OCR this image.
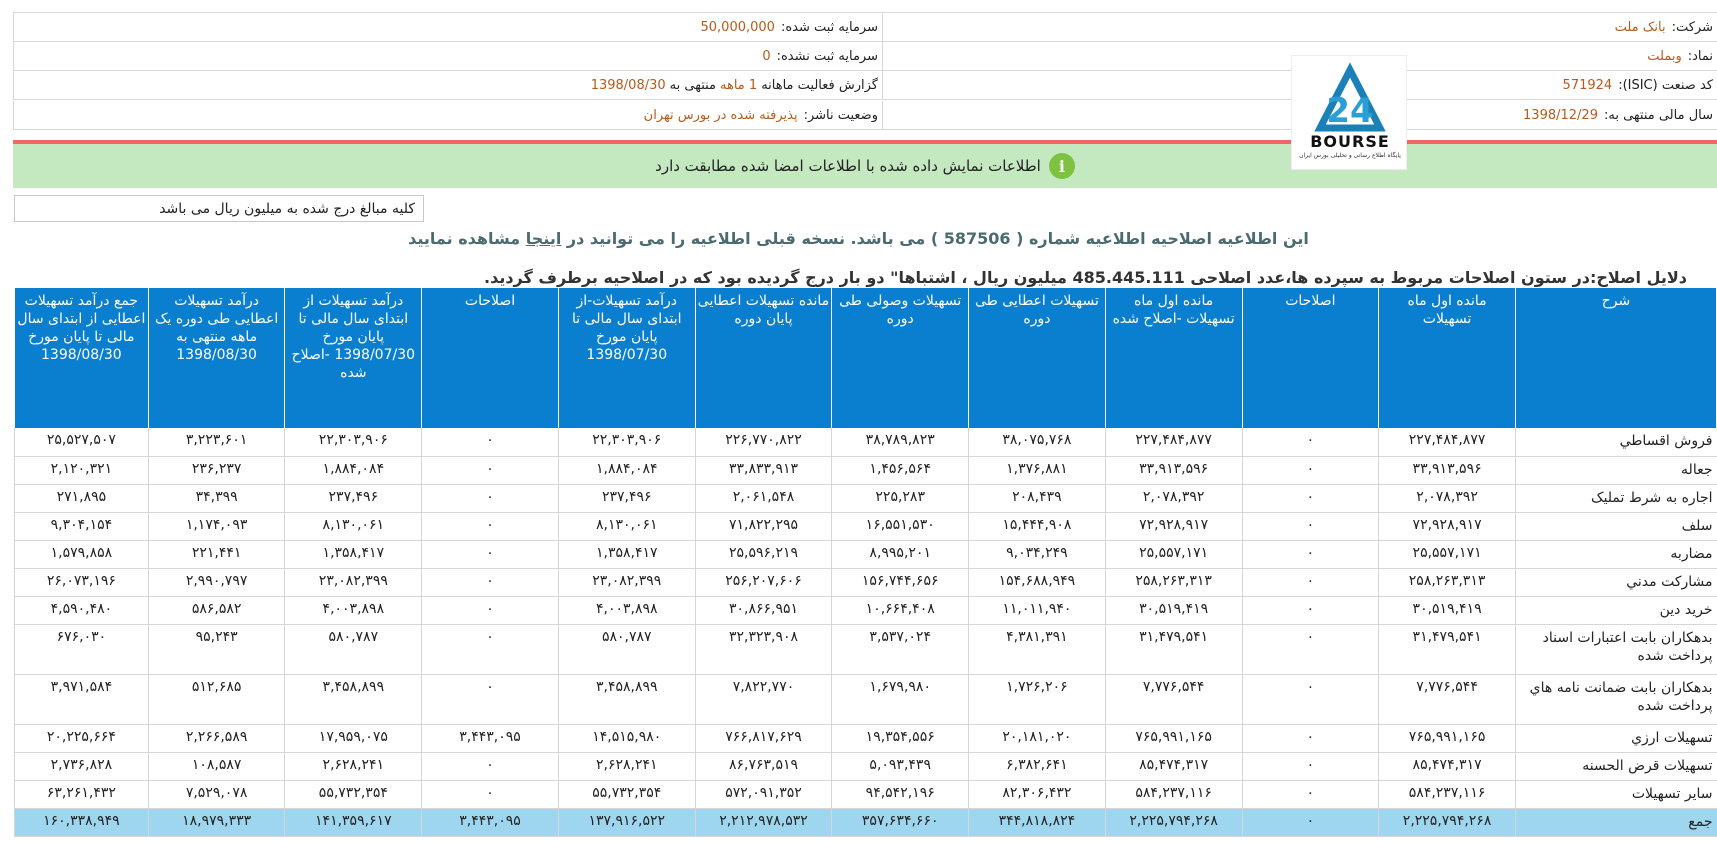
شرکت:
بانک ملت
سرمایه ثبت شده:
50,000,000
نماد:
وبملت
سرمایه ثبت نشده:
0
کد صنعت (ISIC):
571924
گزارش فعالیت ماهانه
1 ماهه
منتهی به
1398/08/30
سال مالی منتهی به:
1398/12/29
وضعیت ناشر:
پذیرفته شده در بورس تهران	24
BOURSE
پایگاه اطلاع رسانی و تحلیلی بورس ایران
i
اطلاعات نمایش داده شده با اطلاعات امضا شده مطابقت دارد
کلیه مبالغ درج شده به میلیون ریال می باشد
این اطلاعیه اصلاحیه اطلاعیه شماره ( 587506 ) می باشد. نسخه قبلی اطلاعیه را می توانید در اینجا مشاهده نمایید
دلایل اصلاح:در ستون اصلاحات مربوط به سپرده ها،عدد اصلاحی 485.445.111 میلیون ریال ، اشتباها" دو بار درج گردیده بود که در اصلاحیه برطرف گردید.
شرح	مانده اول ماه تسهیلات	اصلاحات	مانده اول ماه تسهیلات -اصلاح شده	تسهیلات اعطایی طی دوره	تسهیلات وصولی طی دوره	مانده تسهیلات اعطایی پایان دوره	درآمد تسهیلات-از ابتدای سال مالی تا پایان مورخ 1398/07/30	اصلاحات	درآمد تسهیلات از ابتدای سال مالی تا پایان مورخ 1398/07/30 -اصلاح شده	درآمد تسهیلات اعطایی طی دوره یک ماهه منتهی به 1398/08/30	جمع درآمد تسهیلات اعطایی از ابتدای سال مالی تا پایان مورخ 1398/08/30
فروش اقساطي	۲۲۷,۴۸۴,۸۷۷	۰	۲۲۷,۴۸۴,۸۷۷	۳۸,۰۷۵,۷۶۸	۳۸,۷۸۹,۸۲۳	۲۲۶,۷۷۰,۸۲۲	۲۲,۳۰۳,۹۰۶	۰	۲۲,۳۰۳,۹۰۶	۳,۲۲۳,۶۰۱	۲۵,۵۲۷,۵۰۷
جعاله	۳۳,۹۱۳,۵۹۶	۰	۳۳,۹۱۳,۵۹۶	۱,۳۷۶,۸۸۱	۱,۴۵۶,۵۶۴	۳۳,۸۳۳,۹۱۳	۱,۸۸۴,۰۸۴	۰	۱,۸۸۴,۰۸۴	۲۳۶,۲۳۷	۲,۱۲۰,۳۲۱
اجاره به شرط تمليک	۲,۰۷۸,۳۹۲	۰	۲,۰۷۸,۳۹۲	۲۰۸,۴۳۹	۲۲۵,۲۸۳	۲,۰۶۱,۵۴۸	۲۳۷,۴۹۶	۰	۲۳۷,۴۹۶	۳۴,۳۹۹	۲۷۱,۸۹۵
سلف	۷۲,۹۲۸,۹۱۷	۰	۷۲,۹۲۸,۹۱۷	۱۵,۴۴۴,۹۰۸	۱۶,۵۵۱,۵۳۰	۷۱,۸۲۲,۲۹۵	۸,۱۳۰,۰۶۱	۰	۸,۱۳۰,۰۶۱	۱,۱۷۴,۰۹۳	۹,۳۰۴,۱۵۴
مضاربه	۲۵,۵۵۷,۱۷۱	۰	۲۵,۵۵۷,۱۷۱	۹,۰۳۴,۲۴۹	۸,۹۹۵,۲۰۱	۲۵,۵۹۶,۲۱۹	۱,۳۵۸,۴۱۷	۰	۱,۳۵۸,۴۱۷	۲۲۱,۴۴۱	۱,۵۷۹,۸۵۸
مشارکت مدني	۲۵۸,۲۶۳,۳۱۳	۰	۲۵۸,۲۶۳,۳۱۳	۱۵۴,۶۸۸,۹۴۹	۱۵۶,۷۴۴,۶۵۶	۲۵۶,۲۰۷,۶۰۶	۲۳,۰۸۲,۳۹۹	۰	۲۳,۰۸۲,۳۹۹	۲,۹۹۰,۷۹۷	۲۶,۰۷۳,۱۹۶
خريد دين	۳۰,۵۱۹,۴۱۹	۰	۳۰,۵۱۹,۴۱۹	۱۱,۰۱۱,۹۴۰	۱۰,۶۶۴,۴۰۸	۳۰,۸۶۶,۹۵۱	۴,۰۰۳,۸۹۸	۰	۴,۰۰۳,۸۹۸	۵۸۶,۵۸۲	۴,۵۹۰,۴۸۰
بدهکاران بابت اعتبارات اسناد پرداخت شده	۳۱,۴۷۹,۵۴۱	۰	۳۱,۴۷۹,۵۴۱	۴,۳۸۱,۳۹۱	۳,۵۳۷,۰۲۴	۳۲,۳۲۳,۹۰۸	۵۸۰,۷۸۷	۰	۵۸۰,۷۸۷	۹۵,۲۴۳	۶۷۶,۰۳۰
بدهکاران بابت ضمانت نامه هاي پرداخت شده	۷,۷۷۶,۵۴۴	۰	۷,۷۷۶,۵۴۴	۱,۷۲۶,۲۰۶	۱,۶۷۹,۹۸۰	۷,۸۲۲,۷۷۰	۳,۴۵۸,۸۹۹	۰	۳,۴۵۸,۸۹۹	۵۱۲,۶۸۵	۳,۹۷۱,۵۸۴
تسهيلات ارزي	۷۶۵,۹۹۱,۱۶۵	۰	۷۶۵,۹۹۱,۱۶۵	۲۰,۱۸۱,۰۲۰	۱۹,۳۵۴,۵۵۶	۷۶۶,۸۱۷,۶۲۹	۱۴,۵۱۵,۹۸۰	۳,۴۴۳,۰۹۵	۱۷,۹۵۹,۰۷۵	۲,۲۶۶,۵۸۹	۲۰,۲۲۵,۶۶۴
تسهيلات قرض الحسنه	۸۵,۴۷۴,۳۱۷	۰	۸۵,۴۷۴,۳۱۷	۶,۳۸۲,۶۴۱	۵,۰۹۳,۴۳۹	۸۶,۷۶۳,۵۱۹	۲,۶۲۸,۲۴۱	۰	۲,۶۲۸,۲۴۱	۱۰۸,۵۸۷	۲,۷۳۶,۸۲۸
ساير تسهيلات	۵۸۴,۲۳۷,۱۱۶	۰	۵۸۴,۲۳۷,۱۱۶	۸۲,۳۰۶,۴۳۲	۹۴,۵۴۲,۱۹۶	۵۷۲,۰۹۱,۳۵۲	۵۵,۷۳۲,۳۵۴	۰	۵۵,۷۳۲,۳۵۴	۷,۵۲۹,۰۷۸	۶۳,۲۶۱,۴۳۲
جمع	۲,۲۲۵,۷۹۴,۲۶۸	۰	۲,۲۲۵,۷۹۴,۲۶۸	۳۴۴,۸۱۸,۸۲۴	۳۵۷,۶۳۴,۶۶۰	۲,۲۱۲,۹۷۸,۵۳۲	۱۳۷,۹۱۶,۵۲۲	۳,۴۴۳,۰۹۵	۱۴۱,۳۵۹,۶۱۷	۱۸,۹۷۹,۳۳۳	۱۶۰,۳۳۸,۹۴۹
